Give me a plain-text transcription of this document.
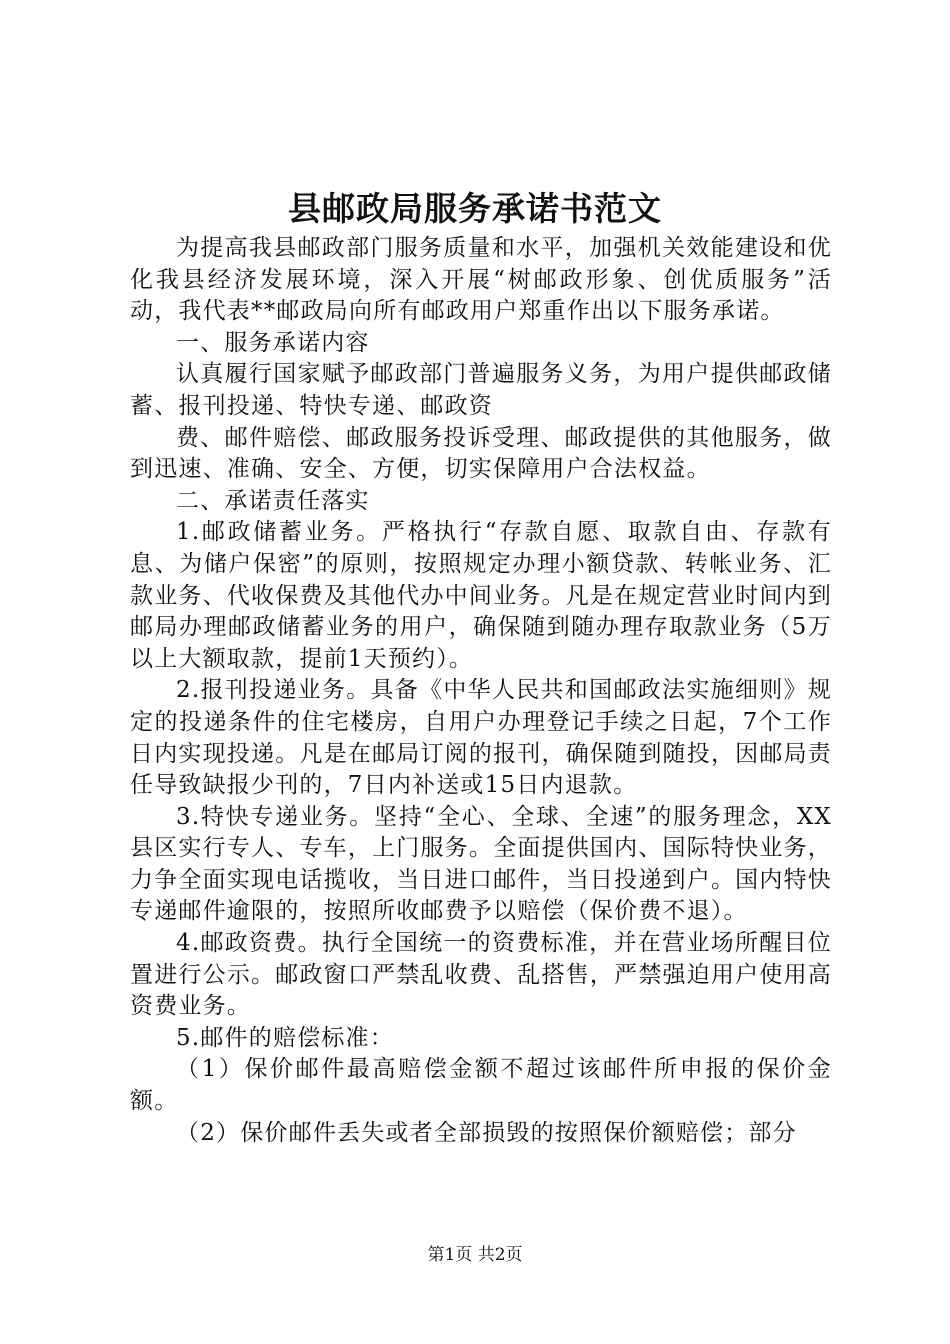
县邮政局服务承诺书范文

为提高我县邮政部门服务质量和水平，加强机关效能建设和优化我县经济发展环境，深入开展“树邮政形象、创优质服务”活动，我代表**邮政局向所有邮政用户郑重作出以下服务承诺。

一、服务承诺内容

认真履行国家赋予邮政部门普遍服务义务，为用户提供邮政储蓄、报刊投递、特快专递、邮政资

费、邮件赔偿、邮政服务投诉受理、邮政提供的其他服务，做到迅速、准确、安全、方便，切实保障用户合法权益。

二、承诺责任落实

1.邮政储蓄业务。严格执行“存款自愿、取款自由、存款有息、为储户保密”的原则，按照规定办理小额贷款、转帐业务、汇款业务、代收保费及其他代办中间业务。凡是在规定营业时间内到邮局办理邮政储蓄业务的用户，确保随到随办理存取款业务（5万以上大额取款，提前1天预约）。

2.报刊投递业务。具备《中华人民共和国邮政法实施细则》规定的投递条件的住宅楼房，自用户办理登记手续之日起，7个工作日内实现投递。凡是在邮局订阅的报刊，确保随到随投，因邮局责任导致缺报少刊的，7日内补送或15日内退款。

3.特快专递业务。坚持“全心、全球、全速”的服务理念，XX县区实行专人、专车，上门服务。全面提供国内、国际特快业务，力争全面实现电话揽收，当日进口邮件，当日投递到户。国内特快专递邮件逾限的，按照所收邮费予以赔偿（保价费不退）。

4.邮政资费。执行全国统一的资费标准，并在营业场所醒目位置进行公示。邮政窗口严禁乱收费、乱搭售，严禁强迫用户使用高资费业务。

5.邮件的赔偿标准：

（1）保价邮件最高赔偿金额不超过该邮件所申报的保价金额。

（2）保价邮件丢失或者全部损毁的按照保价额赔偿；部分

第1页 共2页
